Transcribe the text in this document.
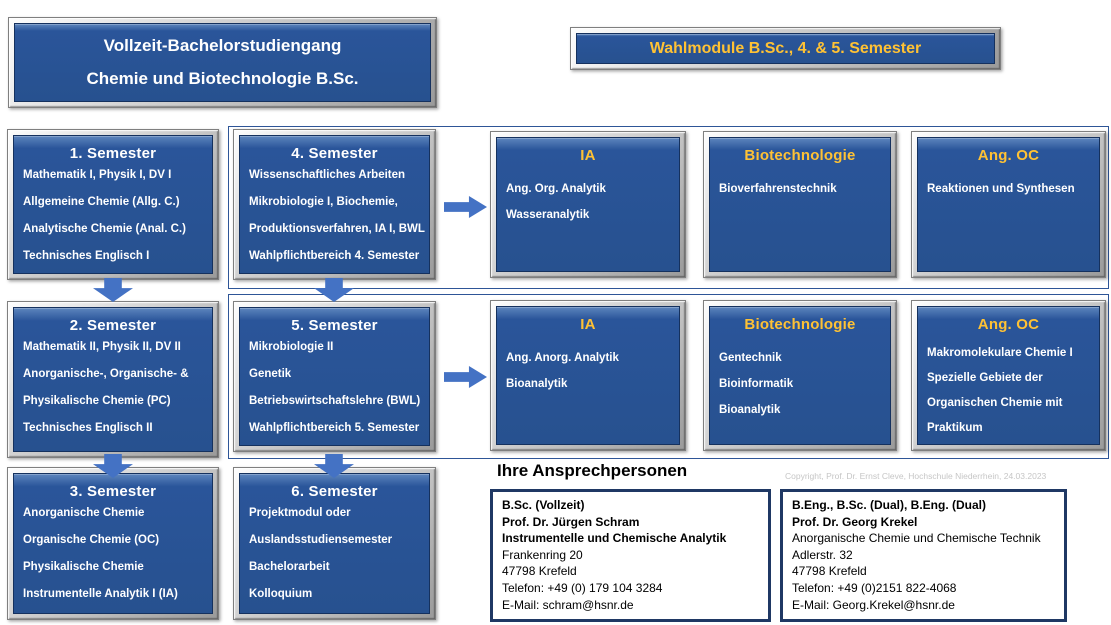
Vollzeit-Bachelorstudiengang
Chemie und Biotechnologie B.Sc.
Wahlmodule B.Sc., 4. & 5. Semester
1. Semester
Mathematik I, Physik I, DV I
Allgemeine Chemie (Allg. C.)
Analytische Chemie (Anal. C.)
Technisches Englisch I
2. Semester
Mathematik II, Physik II, DV II
Anorganische-, Organische- &
Physikalische Chemie (PC)
Technisches Englisch II
3. Semester
Anorganische Chemie
Organische Chemie (OC)
Physikalische Chemie
Instrumentelle Analytik I (IA)
4. Semester
Wissenschaftliches Arbeiten
Mikrobiologie I, Biochemie,
Produktionsverfahren, IA I, BWL
Wahlpflichtbereich 4. Semester
5. Semester
Mikrobiologie II
Genetik
Betriebswirtschaftslehre (BWL)
Wahlpflichtbereich 5. Semester
6. Semester
Projektmodul oder
Auslandsstudiensemester
Bachelorarbeit
Kolloquium
IA
Ang. Org. Analytik
Wasseranalytik
Biotechnologie
Bioverfahrenstechnik
Ang. OC
Reaktionen und Synthesen
IA
Ang. Anorg. Analytik
Bioanalytik
Biotechnologie
Gentechnik
Bioinformatik
Bioanalytik
Ang. OC
Makromolekulare Chemie I
Spezielle Gebiete der
Organischen Chemie mit
Praktikum
Ihre Ansprechpersonen	Copyright, Prof. Dr. Ernst Cleve, Hochschule Niederrhein, 24.03.2023
B.Sc. (Vollzeit)
Prof. Dr. Jürgen Schram
Instrumentelle und Chemische Analytik
Frankenring 20
47798 Krefeld
Telefon: +49 (0) 179 104 3284
E-Mail: schram@hsnr.de
B.Eng., B.Sc. (Dual), B.Eng. (Dual)
Prof. Dr. Georg Krekel
Anorganische Chemie und Chemische Technik
Adlerstr. 32
47798 Krefeld
Telefon: +49 (0)2151 822-4068
E-Mail: Georg.Krekel@hsnr.de
